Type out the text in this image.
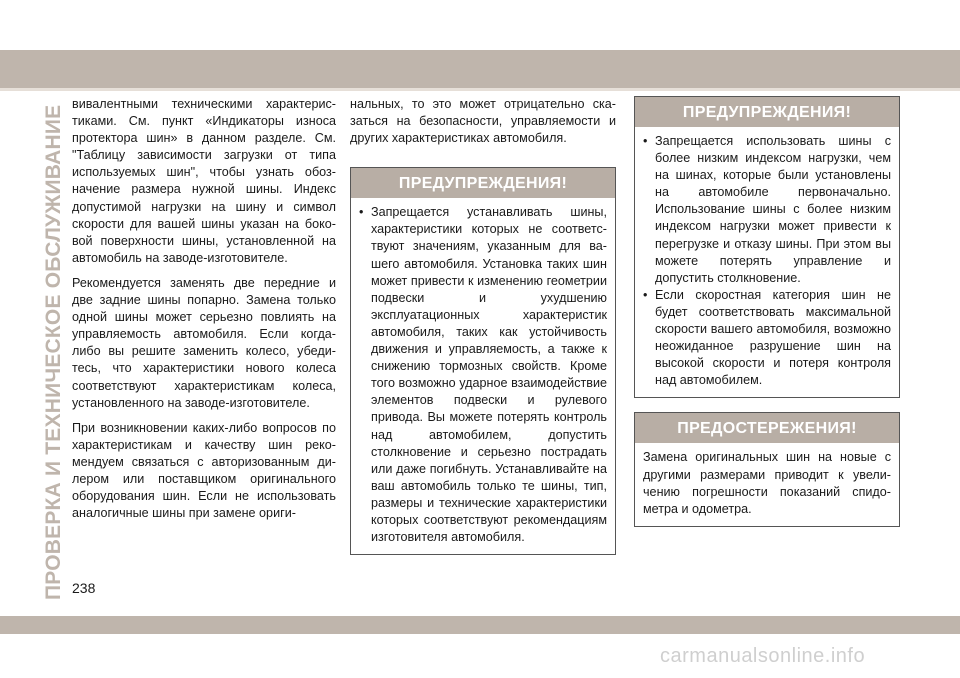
ПРОВЕРКА И ТЕХНИЧЕСКОЕ ОБСЛУЖИВАНИЕ

вивалентными техническими характеристиками. См. пункт «Индикаторы износа протектора шин» в данном разделе. См. "Таблицу зависимости загрузки от типа используемых шин", чтобы узнать обозначение размера нужной шины. Индекс допустимой нагрузки на шину и символ скорости для вашей шины указан на боковой поверхности шины, установленной на автомобиль на заводе-изготовителе.

Рекомендуется заменять две передние и две задние шины попарно. Замена только одной шины может серьезно повлиять на управляемость автомобиля. Если когда-либо вы решите заменить колесо, убедитесь, что характеристики нового колеса соответствуют характеристикам колеса, установленного на заводе-изготовителе.

При возникновении каких-либо вопросов по характеристикам и качеству шин рекомендуем связаться с авторизованным дилером или поставщиком оригинального оборудования шин. Если не использовать аналогичные шины при замене ориги-

нальных, то это может отрицательно сказаться на безопасности, управляемости и других характеристиках автомобиля.

ПРЕДУПРЕЖДЕНИЯ!
• Запрещается устанавливать шины, характеристики которых не соответствуют значениям, указанным для вашего автомобиля. Установка таких шин может привести к изменению геометрии подвески и ухудшению эксплуатационных характеристик автомобиля, таких как устойчивость движения и управляемость, а также к снижению тормозных свойств. Кроме того возможно ударное взаимодействие элементов подвески и рулевого привода. Вы можете потерять контроль над автомобилем, допустить столкновение и серьезно пострадать или даже погибнуть. Устанавливайте на ваш автомобиль только те шины, тип, размеры и технические характеристики которых соответствуют рекомендациям изготовителя автомобиля.
ПРЕДУПРЕЖДЕНИЯ!
• Запрещается использовать шины с более низким индексом нагрузки, чем на шинах, которые были установлены на автомобиле первоначально. Использование шины с более низким индексом нагрузки может привести к перегрузке и отказу шины. При этом вы можете потерять управление и допустить столкновение.
• Если скоростная категория шин не будет соответствовать максимальной скорости вашего автомобиля, возможно неожиданное разрушение шин на высокой скорости и потеря контроля над автомобилем.
ПРЕДОСТЕРЕЖЕНИЯ!

Замена оригинальных шин на новые с другими размерами приводит к увеличению погрешности показаний спидометра и одометра.

238
carmanualsonline.info
